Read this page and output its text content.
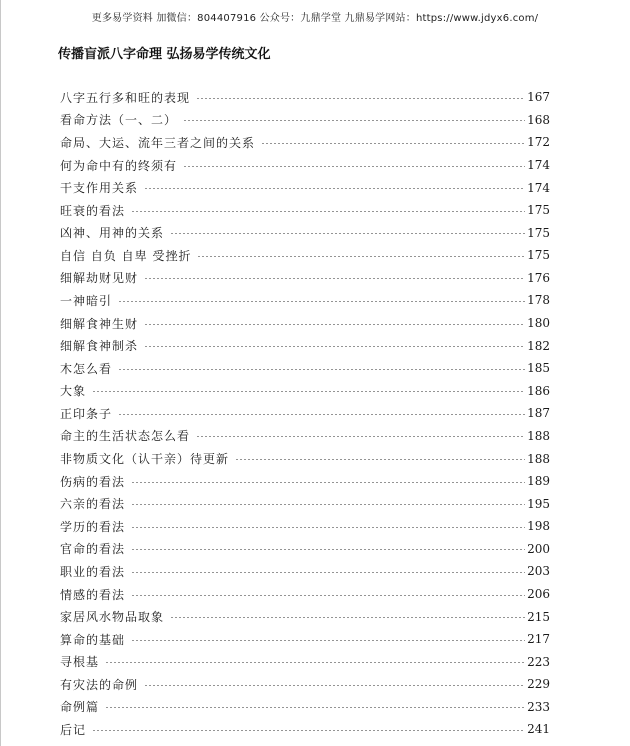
更多易学资料 加微信：804407916 公众号：九鼎学堂 九鼎易学网站：https://www.jdyx6.com/
传播盲派八字命理 弘扬易学传统文化
八字五行多和旺的表现	167
看命方法（一、二）	168
命局、大运、流年三者之间的关系	172
何为命中有的终须有	174
干支作用关系	174
旺衰的看法	175
凶神、用神的关系	175
自信 自负 自卑 受挫折	175
细解劫财见财	176
一神暗引	178
细解食神生财	180
细解食神制杀	182
木怎么看	185
大象	186
正印条子	187
命主的生活状态怎么看	188
非物质文化（认干亲）待更新	188
伤病的看法	189
六亲的看法	195
学历的看法	198
官命的看法	200
职业的看法	203
情感的看法	206
家居风水物品取象	215
算命的基础	217
寻根基	223
有灾法的命例	229
命例篇	233
后记	241
